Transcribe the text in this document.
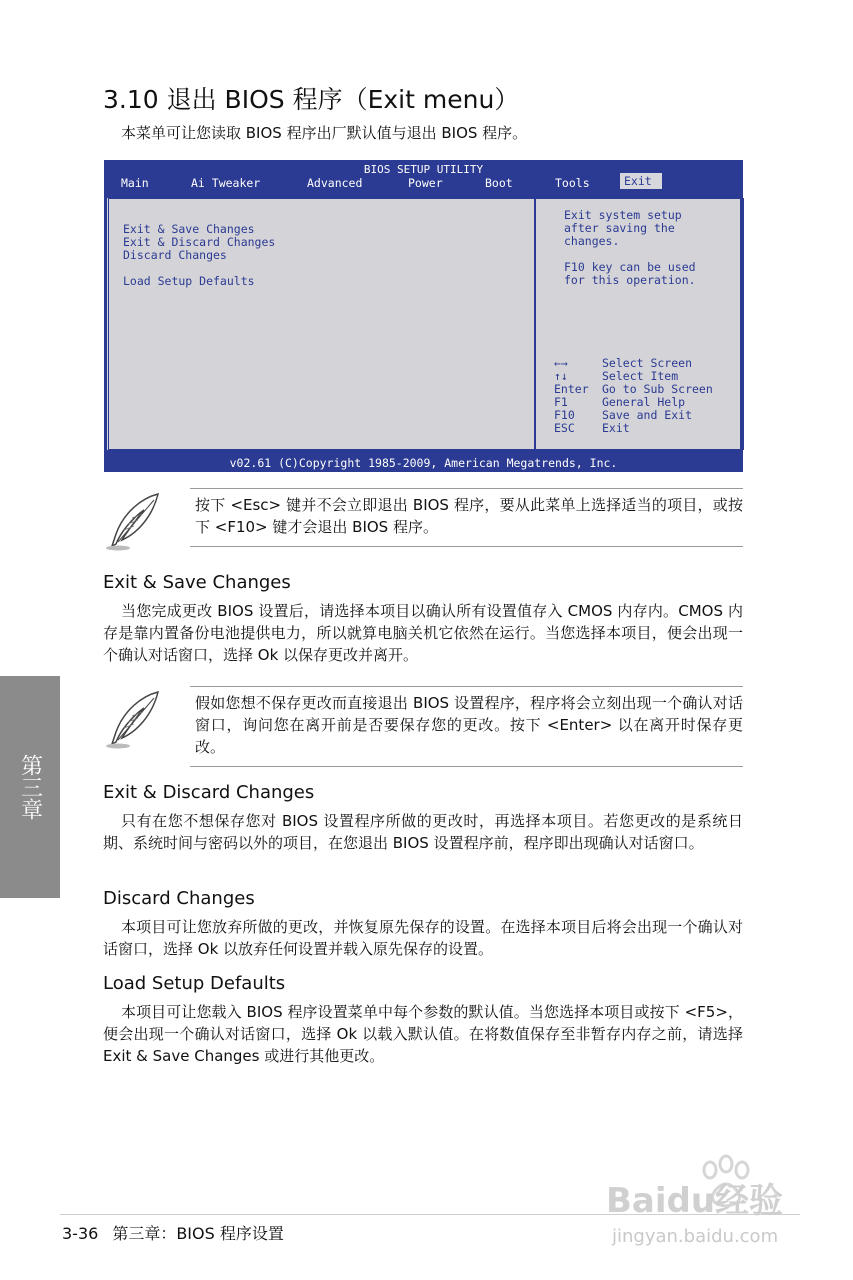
3.10 退出 BIOS 程序（Exit menu）
本菜单可让您读取 BIOS 程序出厂默认值与退出 BIOS 程序。
BIOS SETUP UTILITY
Main	Ai Tweaker	Advanced	Power	Boot	Tools	Exit
Exit & Save Changes
Exit & Discard Changes
Discard Changes
Load Setup Defaults
Exit system setup
after saving the
changes.
F10 key can be used
for this operation.
←→	Select Screen
↑↓	Select Item
Enter Go to Sub Screen
F1	General Help
F10 Save and Exit
ESC Exit
v02.61 (C)Copyright 1985-2009, American Megatrends, Inc.
按下 <Esc> 键并不会立即退出 BIOS 程序，要从此菜单上选择适当的项目，或按下 <F10> 键才会退出 BIOS 程序。
Exit & Save Changes
当您完成更改 BIOS 设置后，请选择本项目以确认所有设置值存入 CMOS 内存内。CMOS 内存是靠内置备份电池提供电力，所以就算电脑关机它依然在运行。当您选择本项目，便会出现一个确认对话窗口，选择 Ok 以保存更改并离开。
假如您想不保存更改而直接退出 BIOS 设置程序，程序将会立刻出现一个确认对话窗口，询问您在离开前是否要保存您的更改。按下 <Enter> 以在离开时保存更改。
Exit & Discard Changes
只有在您不想保存您对 BIOS 设置程序所做的更改时，再选择本项目。若您更改的是系统日期、系统时间与密码以外的项目，在您退出 BIOS 设置程序前，程序即出现确认对话窗口。
Discard Changes
本项目可让您放弃所做的更改，并恢复原先保存的设置。在选择本项目后将会出现一个确认对话窗口，选择 Ok 以放弃任何设置并载入原先保存的设置。
Load Setup Defaults
本项目可让您载入 BIOS 程序设置菜单中每个参数的默认值。当您选择本项目或按下 <F5>，便会出现一个确认对话窗口，选择 Ok 以载入默认值。在将数值保存至非暂存内存之前，请选择 Exit & Save Changes 或进行其他更改。
第三章
3-36 第三章：BIOS 程序设置
Baidu经验
jingyan.baidu.com
